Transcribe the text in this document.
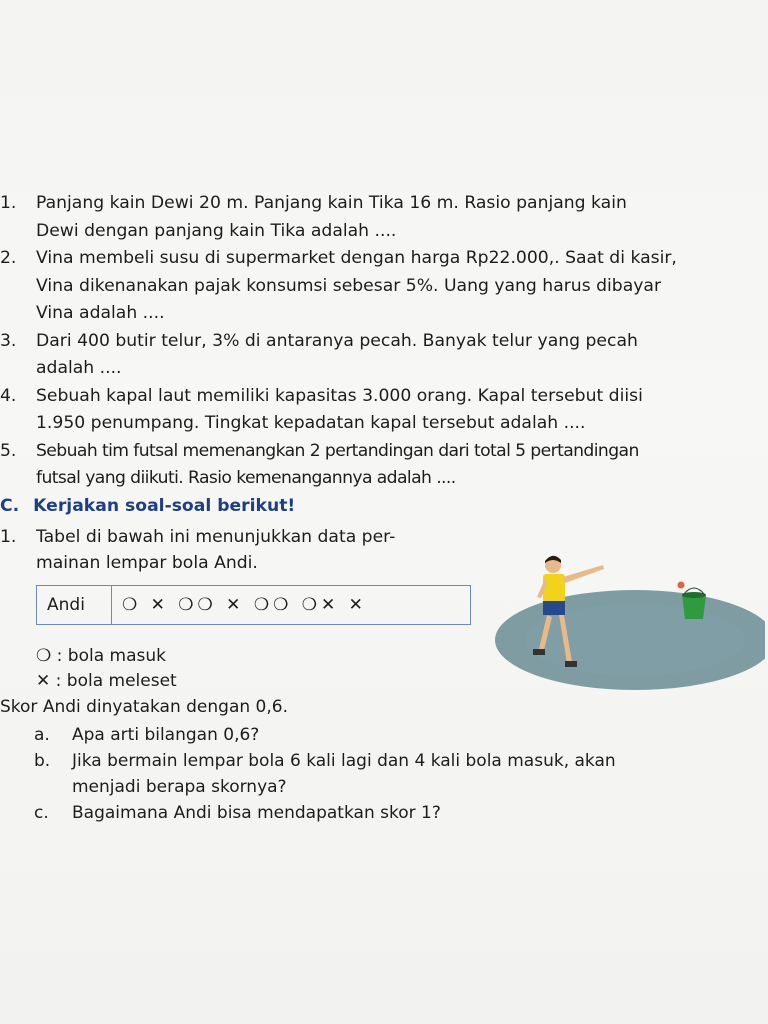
1.	Panjang kain Dewi 20 m. Panjang kain Tika 16 m. Rasio panjang kain
Dewi dengan panjang kain Tika adalah ....
2.	Vina membeli susu di supermarket dengan harga Rp22.000,. Saat di kasir,
Vina dikenanakan pajak konsumsi sebesar 5%. Uang yang harus dibayar
Vina adalah ....
3.	Dari 400 butir telur, 3% di antaranya pecah. Banyak telur yang pecah
adalah ....
4.	Sebuah kapal laut memiliki kapasitas 3.000 orang. Kapal tersebut diisi
1.950 penumpang. Tingkat kepadatan kapal tersebut adalah ....
5.	Sebuah tim futsal memenangkan 2 pertandingan dari total 5 pertandingan
futsal yang diikuti. Rasio kemenangannya adalah ....
C. Kerjakan soal-soal berikut!
1. Tabel di bawah ini menunjukkan data per-
mainan lempar bola Andi.
Andi	❍ ✕ ❍❍ ✕ ❍❍ ❍✕ ✕
❍ : bola masuk
✕ : bola meleset
Skor Andi dinyatakan dengan 0,6.
a. Apa arti bilangan 0,6?
b. Jika bermain lempar bola 6 kali lagi dan 4 kali bola masuk, akan
menjadi berapa skornya?
c. Bagaimana Andi bisa mendapatkan skor 1?
